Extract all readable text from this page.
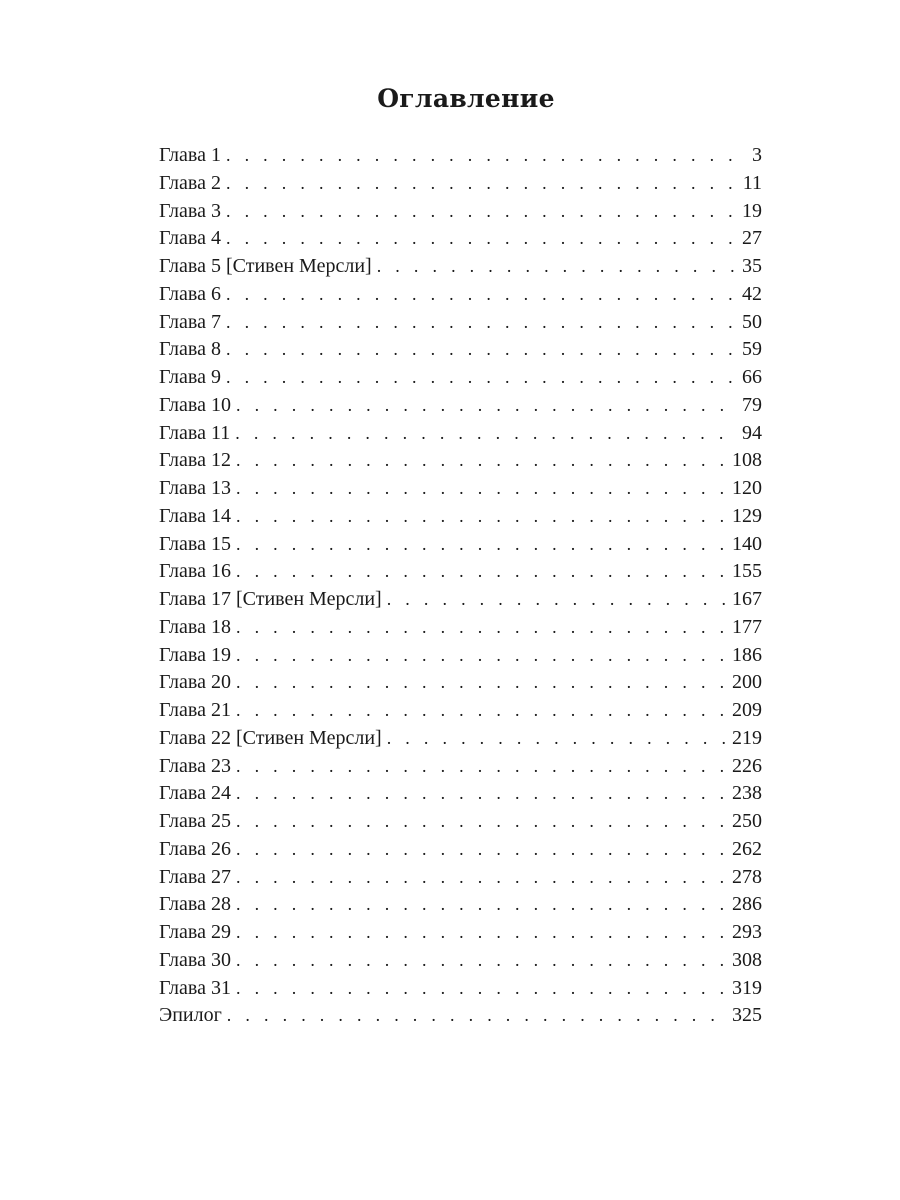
Оглавление
Глава 1 . . .	3
Глава 2 . . .	11
Глава 3 . . .	19
Глава 4 . . .	27
Глава 5 [Стивен Мерсли] . . .	35
Глава 6 . . .	42
Глава 7 . . .	50
Глава 8 . . .	59
Глава 9 . . .	66
Глава 10 . . .	79
Глава 11 . . .	94
Глава 12 . . .	108
Глава 13 . . .	120
Глава 14 . . .	129
Глава 15 . . .	140
Глава 16 . . .	155
Глава 17 [Стивен Мерсли] . . .	167
Глава 18 . . .	177
Глава 19 . . .	186
Глава 20 . . .	200
Глава 21 . . .	209
Глава 22 [Стивен Мерсли] . . .	219
Глава 23 . . .	226
Глава 24 . . .	238
Глава 25 . . .	250
Глава 26 . . .	262
Глава 27 . . .	278
Глава 28 . . .	286
Глава 29 . . .	293
Глава 30 . . .	308
Глава 31 . . .	319
Эпилог . . .	325
